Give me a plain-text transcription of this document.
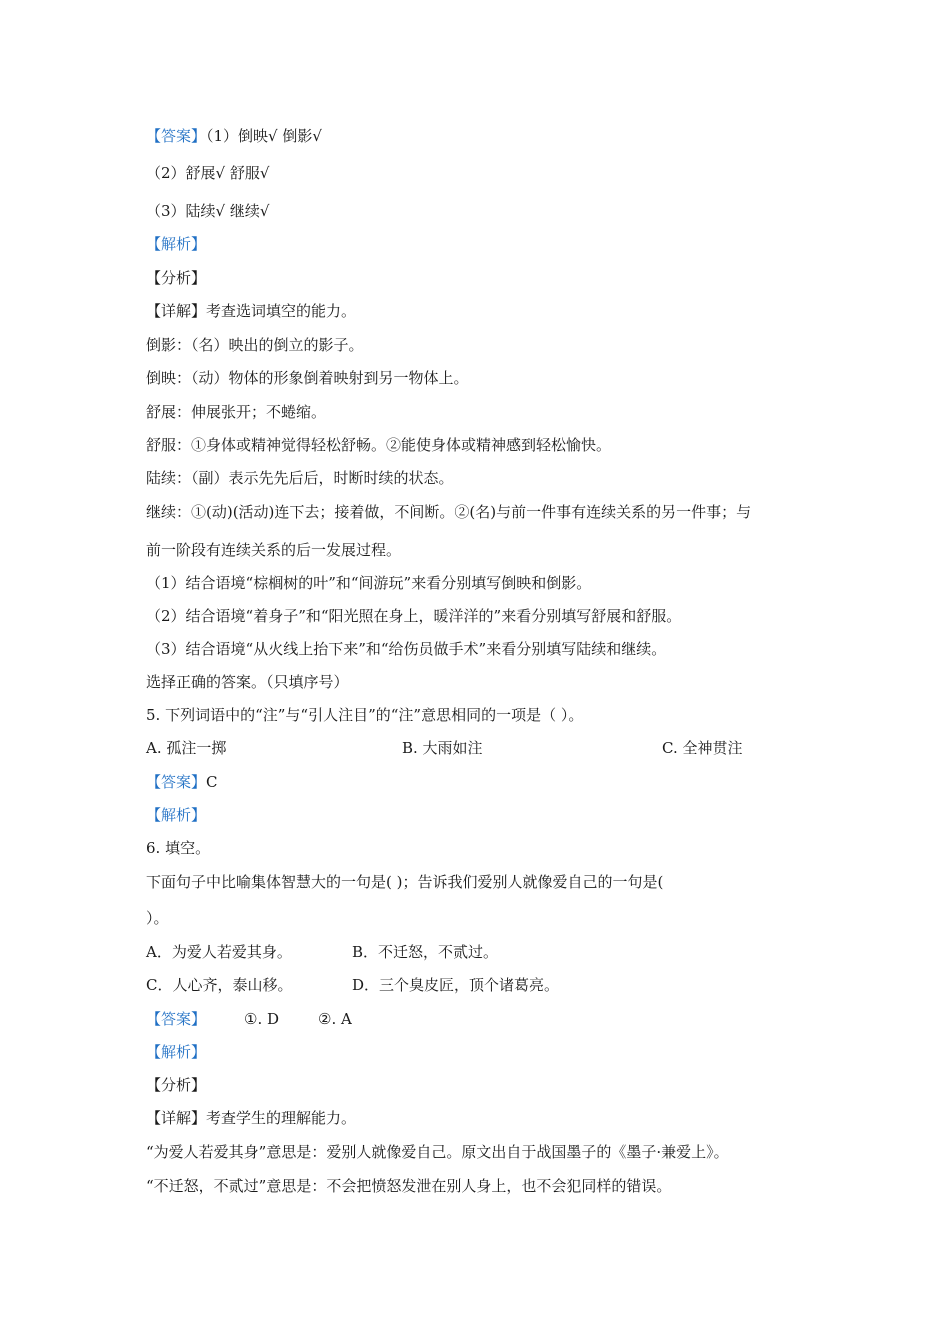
【答案】（1）倒映√ 倒影√
（2）舒展√ 舒服√
（3）陆续√ 继续√
【解析】
【分析】
【详解】考查选词填空的能力。
倒影：（名）映出的倒立的影子。
倒映：（动）物体的形象倒着映射到另一物体上。
舒展：伸展张开；不蜷缩。
舒服：①身体或精神觉得轻松舒畅。②能使身体或精神感到轻松愉快。
陆续：（副）表示先先后后，时断时续的状态。
继续：①(动)(活动)连下去；接着做，不间断。②(名)与前一件事有连续关系的另一件事；与
前一阶段有连续关系的后一发展过程。
（1）结合语境“棕榈树的叶”和“间游玩”来看分别填写倒映和倒影。
（2）结合语境“着身子”和“阳光照在身上，暖洋洋的”来看分别填写舒展和舒服。
（3）结合语境“从火线上抬下来”和“给伤员做手术”来看分别填写陆续和继续。
选择正确的答案。（只填序号）
5. 下列词语中的“注”与“引人注目”的“注”意思相同的一项是（ ）。
A. 孤注一掷	B. 大雨如注	C. 全神贯注
【答案】C
【解析】
6. 填空。
下面句子中比喻集体智慧大的一句是( )；告诉我们爱别人就像爱自己的一句是(
）。
A．为爱人若爱其身。	B．不迁怒，不贰过。
C．人心齐，泰山移。	D．三个臭皮匠，顶个诸葛亮。
【答案】	①. D	②. A
【解析】
【分析】
【详解】考查学生的理解能力。
“为爱人若爱其身”意思是：爱别人就像爱自己。原文出自于战国墨子的《墨子·兼爱上》。
“不迁怒，不贰过”意思是：不会把愤怒发泄在别人身上，也不会犯同样的错误。
